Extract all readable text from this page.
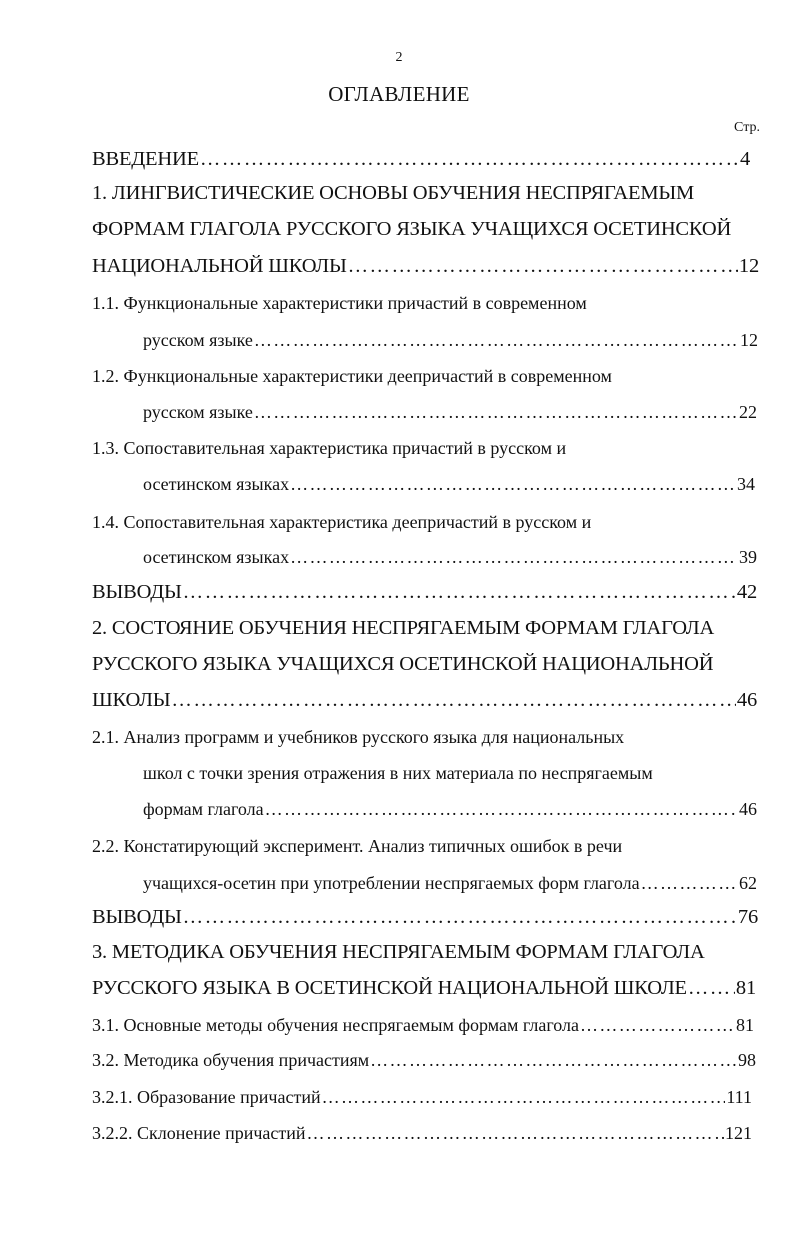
2
ОГЛАВЛЕНИЕ
Стр.
ВВЕДЕНИЕ …………………………………………………………………………………………………………………………………………………………………………	4
1. ЛИНГВИСТИЧЕСКИЕ ОСНОВЫ ОБУЧЕНИЯ НЕСПРЯГАЕМЫМ
ФОРМАМ ГЛАГОЛА РУССКОГО ЯЗЫКА УЧАЩИХСЯ ОСЕТИНСКОЙ
НАЦИОНАЛЬНОЙ ШКОЛЫ …………………………………………………………………………………………………………………………………………………………………………	12
1.1. Функциональные характеристики причастий в современном
русском языке …………………………………………………………………………………………………………………………………………………………………………	12
1.2. Функциональные характеристики деепричастий в современном
русском языке …………………………………………………………………………………………………………………………………………………………………………	22
1.3. Сопоставительная характеристика причастий в русском и
осетинском языках …………………………………………………………………………………………………………………………………………………………………………	34
1.4. Сопоставительная характеристика деепричастий в русском и
осетинском языках …………………………………………………………………………………………………………………………………………………………………………	39
ВЫВОДЫ …………………………………………………………………………………………………………………………………………………………………………	42
2. СОСТОЯНИЕ ОБУЧЕНИЯ НЕСПРЯГАЕМЫМ ФОРМАМ ГЛАГОЛА
РУССКОГО ЯЗЫКА УЧАЩИХСЯ ОСЕТИНСКОЙ НАЦИОНАЛЬНОЙ
ШКОЛЫ …………………………………………………………………………………………………………………………………………………………………………	46
2.1. Анализ программ и учебников русского языка для национальных
школ с точки зрения отражения в них материала по неспрягаемым
формам глагола …………………………………………………………………………………………………………………………………………………………………………	46
2.2. Констатирующий эксперимент. Анализ типичных ошибок в речи
учащихся-осетин при употреблении неспрягаемых форм глагола …………………………………………………………………………………………………………………………………………………………………………	62
ВЫВОДЫ …………………………………………………………………………………………………………………………………………………………………………	76
3. МЕТОДИКА ОБУЧЕНИЯ НЕСПРЯГАЕМЫМ ФОРМАМ ГЛАГОЛА
РУССКОГО ЯЗЫКА В ОСЕТИНСКОЙ НАЦИОНАЛЬНОЙ ШКОЛЕ ………………………………………………………………………………………………………………………………………………………………………… 81
3.1. Основные методы обучения неспрягаемым формам глагола …………………………………………………………………………………………………………………………………………………………………………	81
3.2. Методика обучения причастиям …………………………………………………………………………………………………………………………………………………………………………	98
3.2.1. Образование причастий …………………………………………………………………………………………………………………………………………………………………………	111
3.2.2. Склонение причастий …………………………………………………………………………………………………………………………………………………………………………	121
